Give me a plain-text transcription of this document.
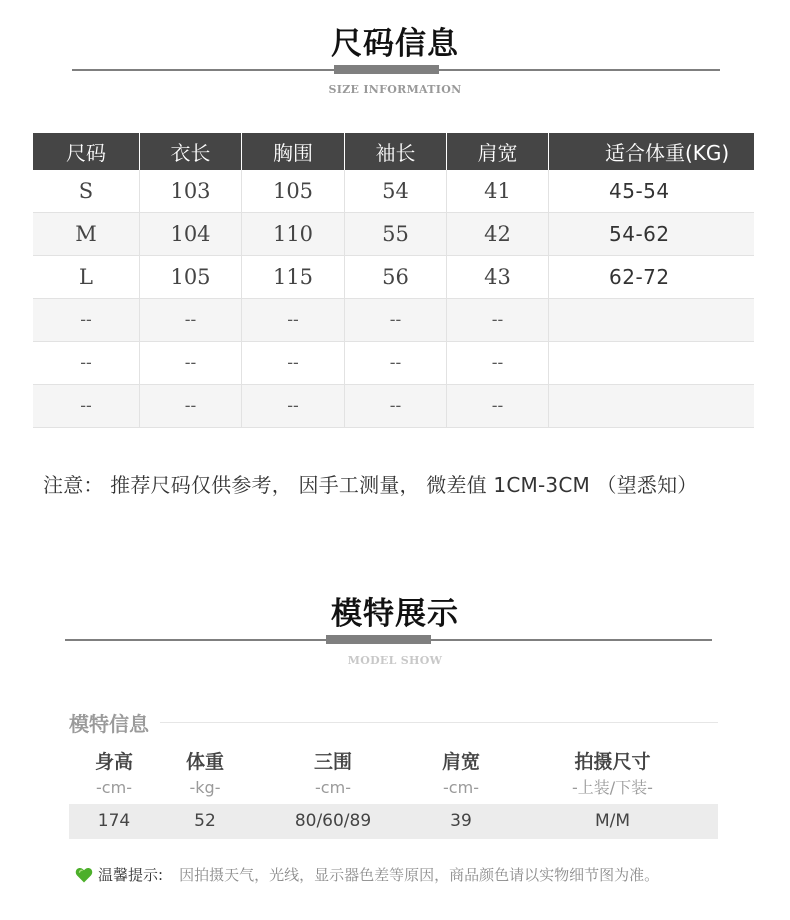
尺码信息
SIZE INFORMATION
尺码	衣长	胸围	袖长	肩宽	适合体重(KG)
S	103	105	54	41	45-54
M	104	110	55	42	54-62
L	105	115	56	43	62-72
--	--	--	--	--
--	--	--	--	--
--	--	--	--	--
注意： 推荐尺码仅供参考， 因手工测量， 微差值 1CM-3CM （望悉知）
模特展示
MODEL SHOW
模特信息
身高	体重	三围	肩宽	拍摄尺寸
-cm-	-kg-	-cm-	-cm-	-上装/下装-
174	52	80/60/89	39	M/M
温馨提示: 因拍摄天气，光线，显示器色差等原因，商品颜色请以实物细节图为准。
